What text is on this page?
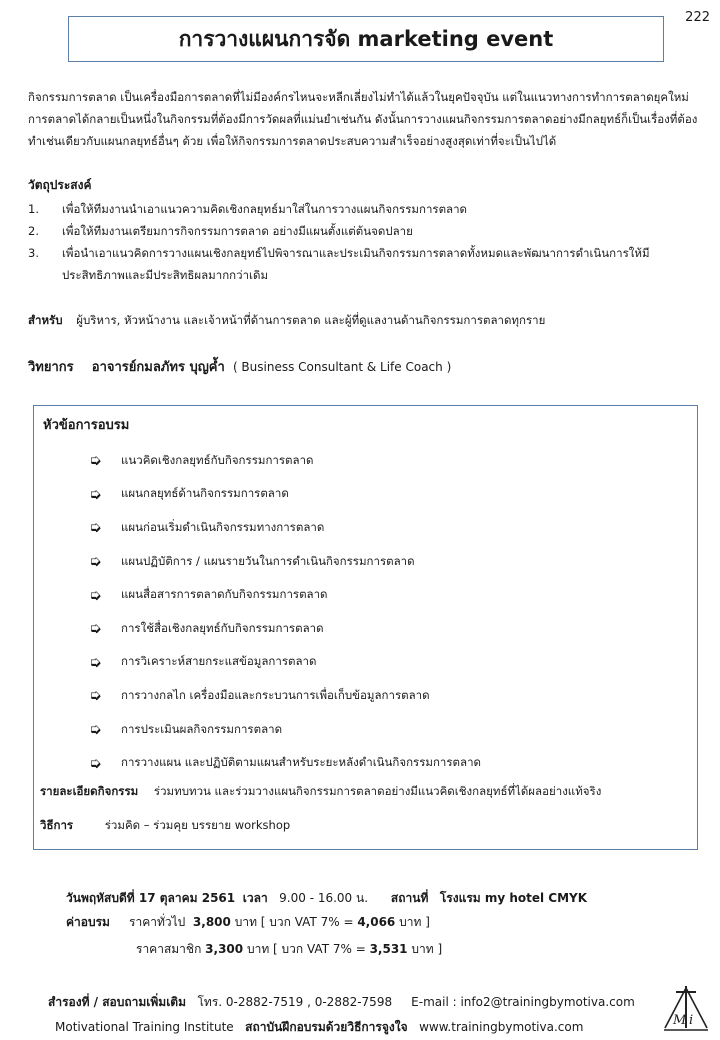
222
การวางแผนการจัด marketing event

กิจกรรมการตลาด เป็นเครื่องมือการตลาดที่ไม่มีองค์กรไหนจะหลีกเลี่ยงไม่ทำได้แล้วในยุคปัจจุบัน แต่ในแนวทางการทำการตลาดยุคใหม่ การตลาดได้กลายเป็นหนึ่งในกิจกรรมที่ต้องมีการวัดผลที่แม่นยำเช่นกัน ดังนั้นการวางแผนกิจกรรมการตลาดอย่างมีกลยุทธ์ก็เป็นเรื่องที่ต้องทำเช่นเดียวกับแผนกลยุทธ์อื่นๆ ด้วย เพื่อให้กิจกรรมการตลาดประสบความสำเร็จอย่างสูงสุดเท่าที่จะเป็นไปได้

วัตถุประสงค์
1. เพื่อให้ทีมงานนำเอาแนวความคิดเชิงกลยุทธ์มาใส่ในการวางแผนกิจกรรมการตลาด
2. เพื่อให้ทีมงานเตรียมการกิจกรรมการตลาด อย่างมีแผนตั้งแต่ต้นจดปลาย
3. เพื่อนำเอาแนวคิดการวางแผนเชิงกลยุทธ์ไปพิจารณาและประเมินกิจกรรมการตลาดทั้งหมดและพัฒนาการดำเนินการให้มีประสิทธิภาพและมีประสิทธิผลมากกว่าเดิม
สำหรับ ผู้บริหาร, หัวหน้างาน และเจ้าหน้าที่ด้านการตลาด และผู้ที่ดูแลงานด้านกิจกรรมการตลาดทุกราย
วิทยากร อาจารย์กมลภัทร บุญค้ำ ( Business Consultant & Life Coach )
หัวข้อการอบรม
➭	แนวคิดเชิงกลยุทธ์กับกิจกรรมการตลาด
➭	แผนกลยุทธ์ด้านกิจกรรมการตลาด
➭	แผนก่อนเริ่มดำเนินกิจกรรมทางการตลาด
➭	แผนปฏิบัติการ / แผนรายวันในการดำเนินกิจกรรมการตลาด
➭	แผนสื่อสารการตลาดกับกิจกรรมการตลาด
➭	การใช้สื่อเชิงกลยุทธ์กับกิจกรรมการตลาด
➭	การวิเคราะห์สายกระแสข้อมูลการตลาด
➭	การวางกลไก เครื่องมือและกระบวนการเพื่อเก็บข้อมูลการตลาด
➭	การประเมินผลกิจกรรมการตลาด
➭	การวางแผน และปฏิบัติตามแผนสำหรับระยะหลังดำเนินกิจกรรมการตลาด
รายละเอียดกิจกรรม ร่วมทบทวน และร่วมวางแผนกิจกรรมการตลาดอย่างมีแนวคิดเชิงกลยุทธ์ที่ได้ผลอย่างแท้จริง
วิธีการ	ร่วมคิด – ร่วมคุย บรรยาย workshop
วันพฤหัสบดีที่ 17 ตุลาคม 2561 เวลา 9.00 - 16.00 น. สถานที่ โรงแรม my hotel CMYK
ค่าอบรม ราคาทั่วไป 3,800 บาท [ บวก VAT 7% = 4,066 บาท ]
ราคาสมาชิก 3,300 บาท [ บวก VAT 7% = 3,531 บาท ]
สำรองที่ / สอบถามเพิ่มเติม โทร. 0-2882-7519 , 0-2882-7598 E-mail : info2@trainingbymotiva.com
Motivational Training Institute สถาบันฝึกอบรมด้วยวิธีการจูงใจ www.trainingbymotiva.com	M i
